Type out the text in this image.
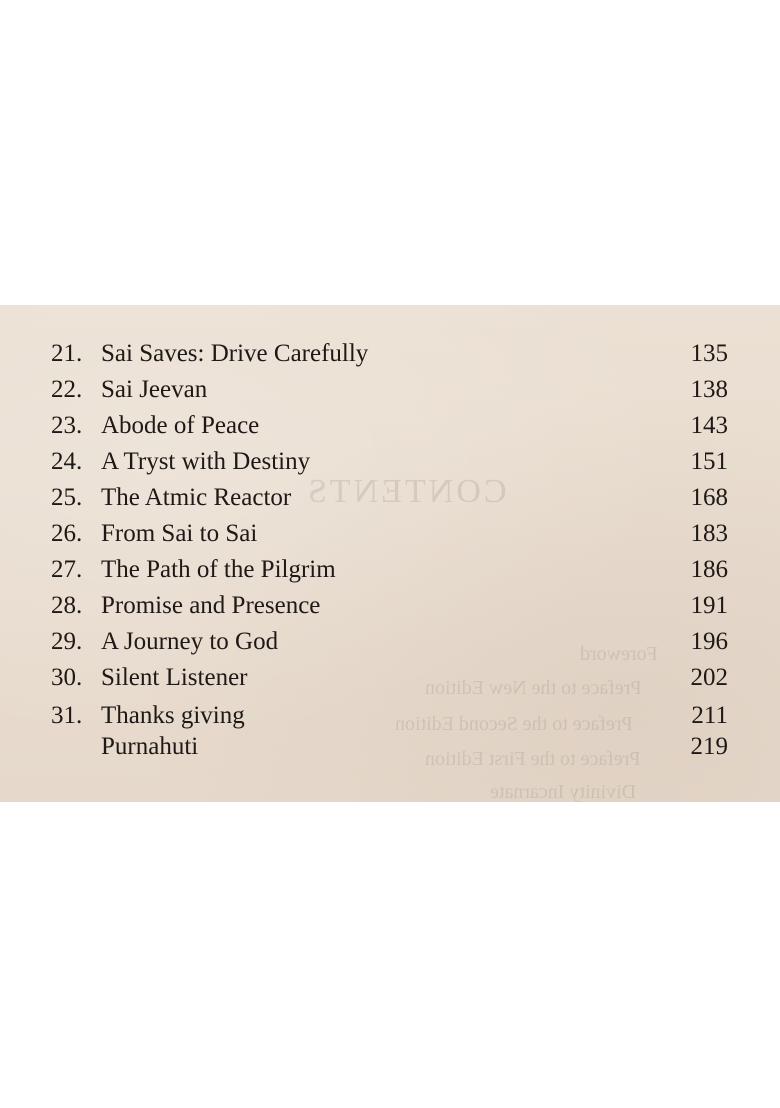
CONTENTS
Foreword
Preface to the New Edition
Preface to the Second Edition
Preface to the First Edition
Divinity Incarnate
21. Sai Saves: Drive Carefully	135
22. Sai Jeevan	138
23. Abode of Peace	143
24. A Tryst with Destiny	151
25. The Atmic Reactor	168
26. From Sai to Sai	183
27. The Path of the Pilgrim	186
28. Promise and Presence	191
29. A Journey to God	196
30. Silent Listener	202
31. Thanks giving	211
Purnahuti	219
